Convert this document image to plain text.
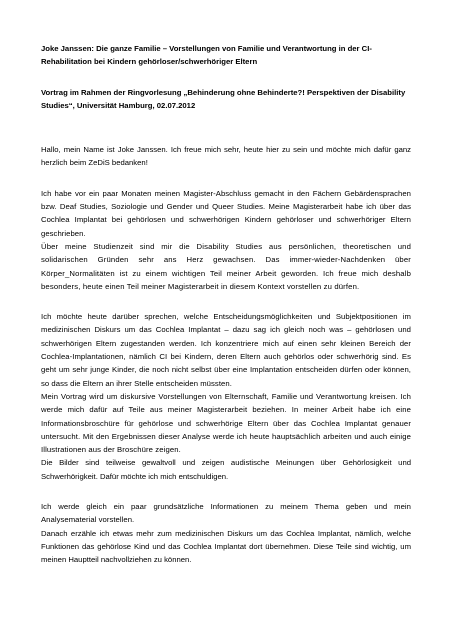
Joke Janssen: Die ganze Familie – Vorstellungen von Familie und Verantwortung in der CI-Rehabilitation bei Kindern gehörloser/schwerhöriger Eltern

Vortrag im Rahmen der Ringvorlesung „Behinderung ohne Behinderte?! Perspektiven der Disability Studies“, Universität Hamburg, 02.07.2012

Hallo, mein Name ist Joke Janssen. Ich freue mich sehr, heute hier zu sein und möchte mich dafür ganz herzlich beim ZeDiS bedanken!

Ich habe vor ein paar Monaten meinen Magister-Abschluss gemacht in den Fächern Gebärdensprachen bzw. Deaf Studies, Soziologie und Gender und Queer Studies. Meine Magisterarbeit habe ich über das Cochlea Implantat bei gehörlosen und schwerhörigen Kindern gehörloser und schwerhöriger Eltern geschrieben.

Über meine Studienzeit sind mir die Disability Studies aus persönlichen, theoretischen und solidarischen Gründen sehr ans Herz gewachsen. Das immer-wieder-Nachdenken über Körper_Normalitäten ist zu einem wichtigen Teil meiner Arbeit geworden. Ich freue mich deshalb besonders, heute einen Teil meiner Magisterarbeit in diesem Kontext vorstellen zu dürfen.

Ich möchte heute darüber sprechen, welche Entscheidungsmöglichkeiten und Subjektpositionen im medizinischen Diskurs um das Cochlea Implantat – dazu sag ich gleich noch was – gehörlosen und schwerhörigen Eltern zugestanden werden. Ich konzentriere mich auf einen sehr kleinen Bereich der Cochlea-Implantationen, nämlich CI bei Kindern, deren Eltern auch gehörlos oder schwerhörig sind. Es geht um sehr junge Kinder, die noch nicht selbst über eine Implantation entscheiden dürfen oder können, so dass die Eltern an ihrer Stelle entscheiden müssten.

Mein Vortrag wird um diskursive Vorstellungen von Elternschaft, Familie und Verantwortung kreisen. Ich werde mich dafür auf Teile aus meiner Magisterarbeit beziehen. In meiner Arbeit habe ich eine Informationsbroschüre für gehörlose und schwerhörige Eltern über das Cochlea Implantat genauer untersucht. Mit den Ergebnissen dieser Analyse werde ich heute hauptsächlich arbeiten und auch einige Illustrationen aus der Broschüre zeigen.

Die Bilder sind teilweise gewaltvoll und zeigen audistische Meinungen über Gehörlosigkeit und Schwerhörigkeit. Dafür möchte ich mich entschuldigen.

Ich werde gleich ein paar grundsätzliche Informationen zu meinem Thema geben und mein Analysematerial vorstellen.

Danach erzähle ich etwas mehr zum medizinischen Diskurs um das Cochlea Implantat, nämlich, welche Funktionen das gehörlose Kind und das Cochlea Implantat dort übernehmen. Diese Teile sind wichtig, um meinen Hauptteil nachvollziehen zu können.
